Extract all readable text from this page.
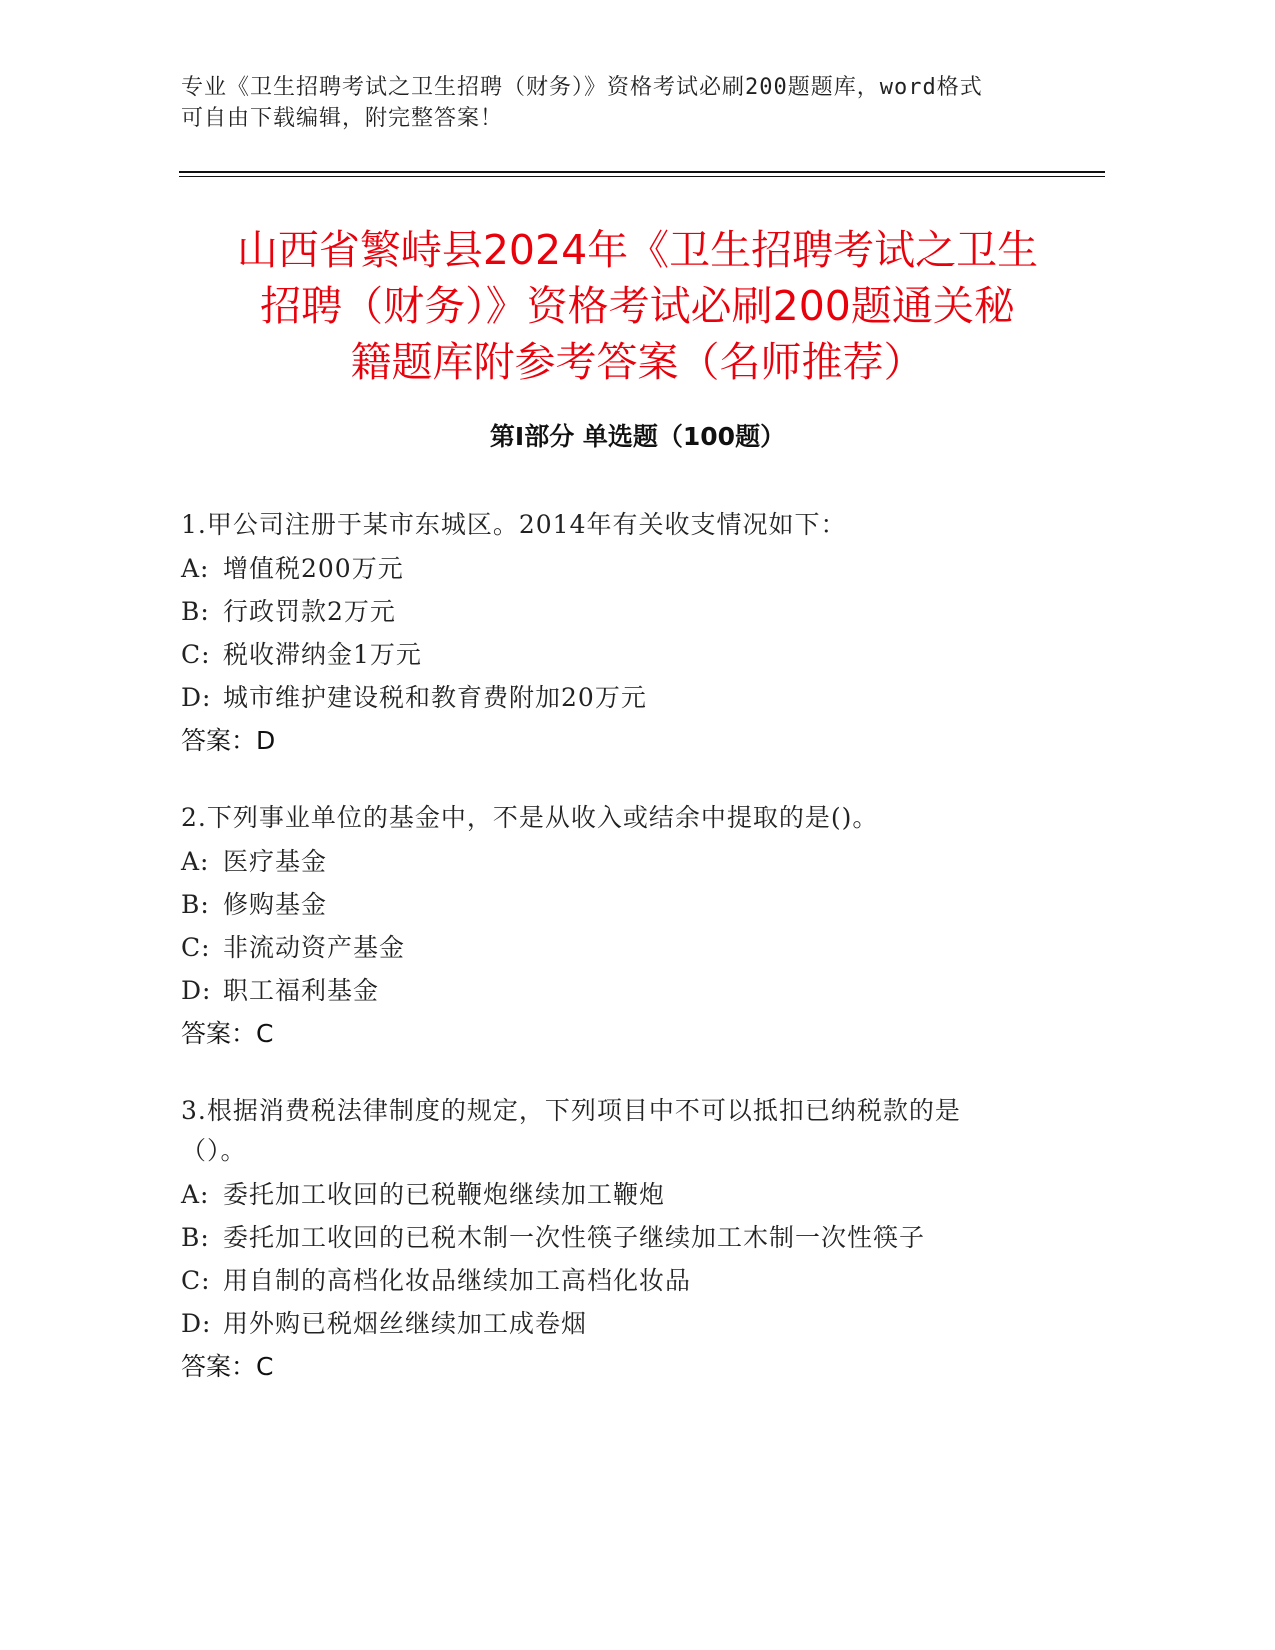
专业《卫生招聘考试之卫生招聘（财务）》资格考试必刷200题题库，word格式

可自由下载编辑，附完整答案！

山西省繁峙县2024年《卫生招聘考试之卫生
招聘（财务）》资格考试必刷200题通关秘
籍题库附参考答案（名师推荐）
第I部分 单选题（100题）

1.甲公司注册于某市东城区。2014年有关收支情况如下：

A: 增值税200万元

B: 行政罚款2万元

C: 税收滞纳金1万元

D: 城市维护建设税和教育费附加20万元

答案：D

2.下列事业单位的基金中，不是从收入或结余中提取的是()。

A: 医疗基金

B: 修购基金

C: 非流动资产基金

D: 职工福利基金

答案：C

3.根据消费税法律制度的规定，下列项目中不可以抵扣已纳税款的是

（）。

A: 委托加工收回的已税鞭炮继续加工鞭炮

B: 委托加工收回的已税木制一次性筷子继续加工木制一次性筷子

C: 用自制的高档化妆品继续加工高档化妆品

D: 用外购已税烟丝继续加工成卷烟

答案：C
